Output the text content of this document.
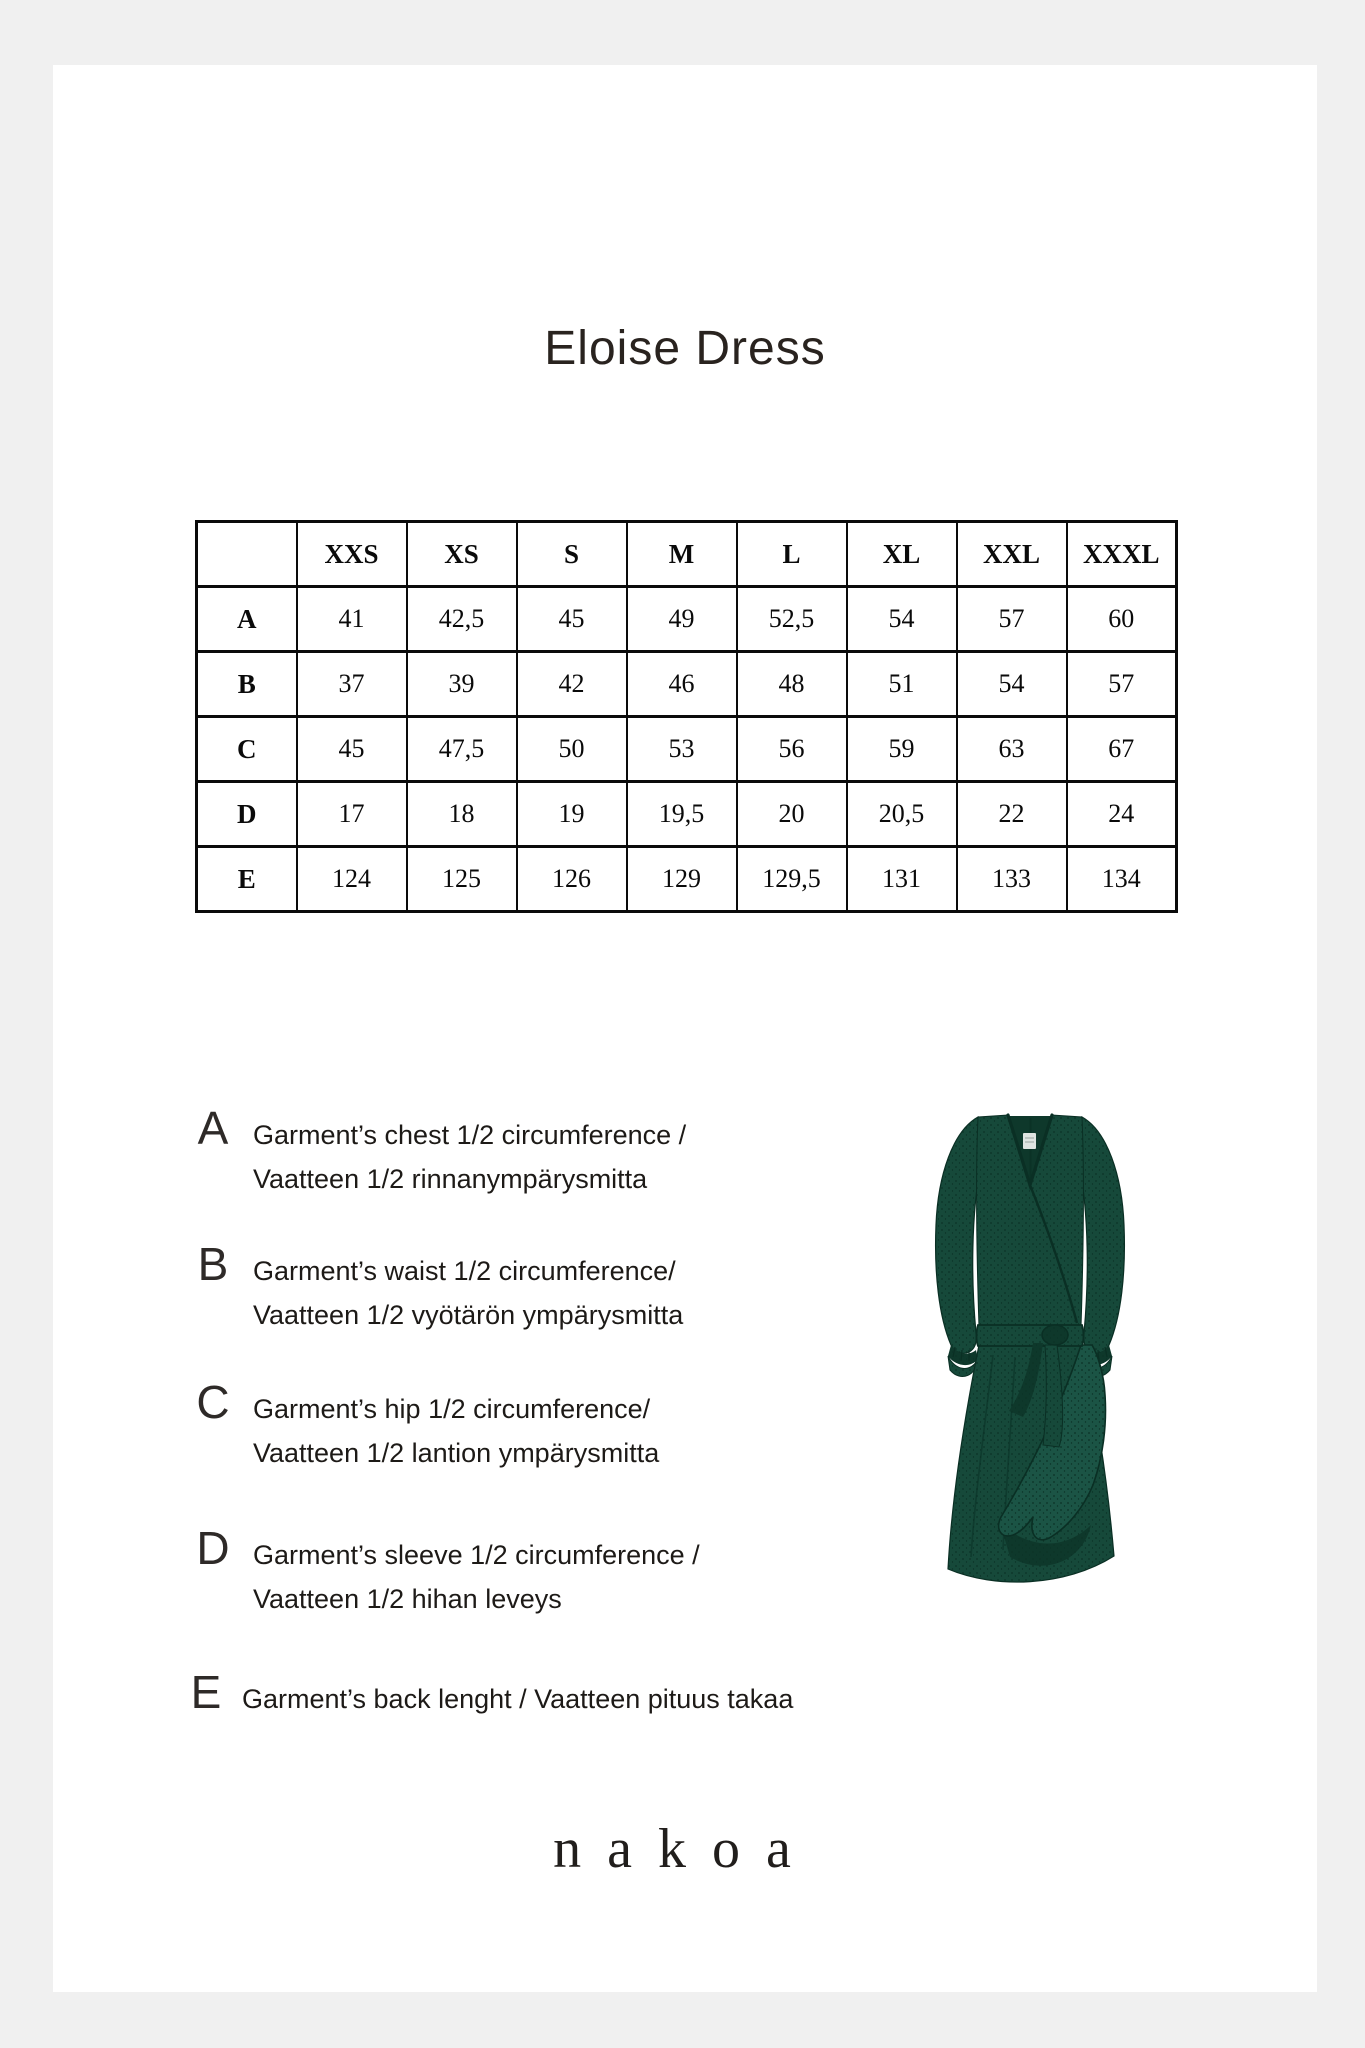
Eloise Dress
	XXS	XS	S	M	L	XL	XXL	XXXL
A	41	42,5	45	49	52,5	54	57	60
B	37	39	42	46	48	51	54	57
C	45	47,5	50	53	56	59	63	67
D	17	18	19	19,5	20	20,5	22	24
E	124	125	126	129	129,5	131	133	134
A Garment’s chest 1/2 circumference /
Vaatteen 1/2 rinnanympärysmitta
B Garment’s waist 1/2 circumference/
Vaatteen 1/2 vyötärön ympärysmitta
C Garment’s hip 1/2 circumference/
Vaatteen 1/2 lantion ympärysmitta
D Garment’s sleeve 1/2 circumference /
Vaatteen 1/2 hihan leveys
E Garment’s back lenght / Vaatteen pituus takaa
nakoa
